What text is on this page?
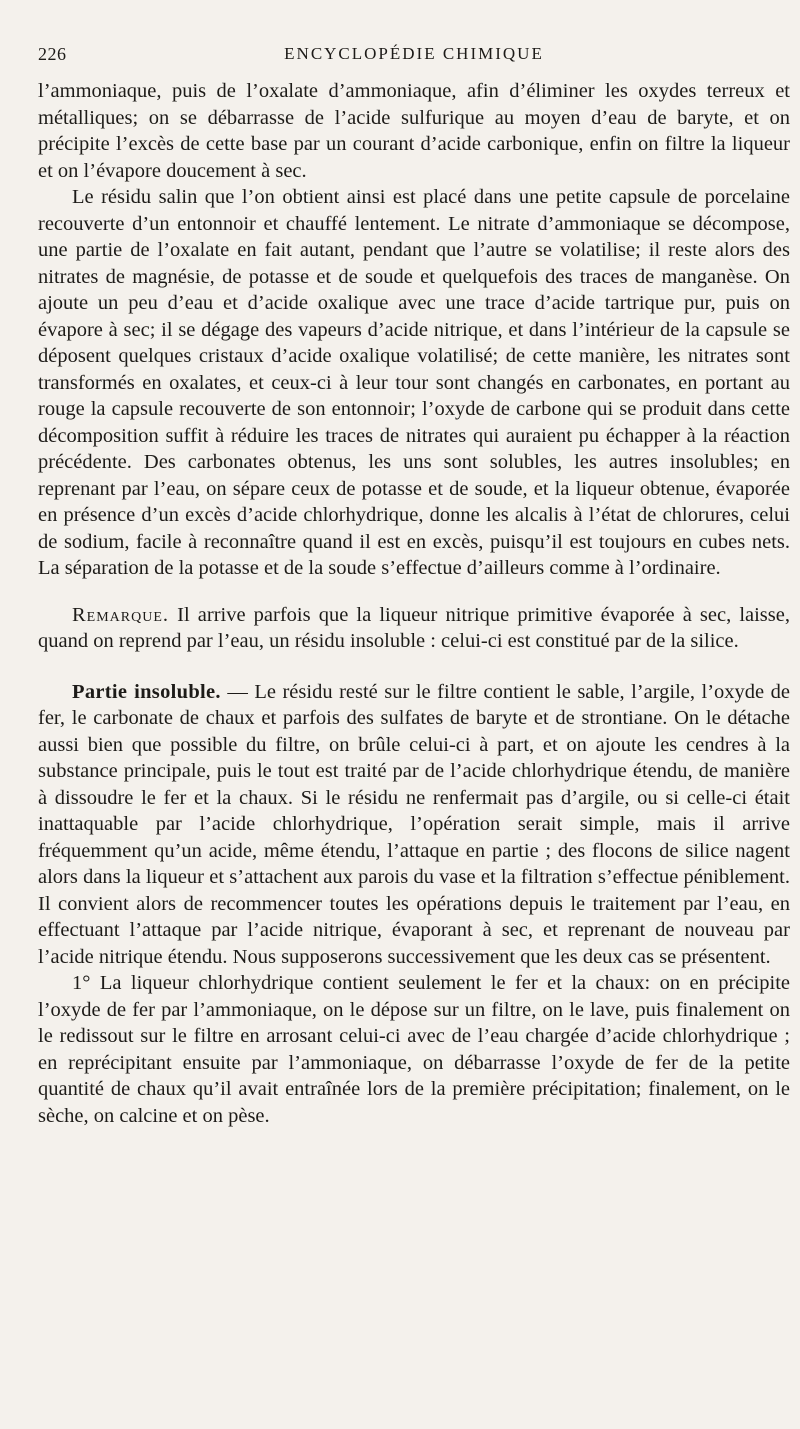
226	ENCYCLOPÉDIE CHIMIQUE

l’ammoniaque, puis de l’oxalate d’ammoniaque, afin d’éliminer les oxydes terreux et métalliques; on se débarrasse de l’acide sulfurique au moyen d’eau de baryte, et on précipite l’excès de cette base par un courant d’acide carbonique, enfin on filtre la liqueur et on l’évapore doucement à sec.

Le résidu salin que l’on obtient ainsi est placé dans une petite capsule de porcelaine recouverte d’un entonnoir et chauffé lentement. Le nitrate d’ammoniaque se décompose, une partie de l’oxalate en fait autant, pendant que l’autre se volatilise; il reste alors des nitrates de magnésie, de potasse et de soude et quelquefois des traces de manganèse. On ajoute un peu d’eau et d’acide oxalique avec une trace d’acide tartrique pur, puis on évapore à sec; il se dégage des vapeurs d’acide nitrique, et dans l’intérieur de la capsule se déposent quelques cristaux d’acide oxalique volatilisé; de cette manière, les nitrates sont transformés en oxalates, et ceux-ci à leur tour sont changés en carbonates, en portant au rouge la capsule recouverte de son entonnoir; l’oxyde de carbone qui se produit dans cette décomposition suffit à réduire les traces de nitrates qui auraient pu échapper à la réaction précédente. Des carbonates obtenus, les uns sont solubles, les autres insolubles; en reprenant par l’eau, on sépare ceux de potasse et de soude, et la liqueur obtenue, évaporée en présence d’un excès d’acide chlorhydrique, donne les alcalis à l’état de chlorures, celui de sodium, facile à reconnaître quand il est en excès, puisqu’il est toujours en cubes nets. La séparation de la potasse et de la soude s’effectue d’ailleurs comme à l’ordinaire.

Remarque. Il arrive parfois que la liqueur nitrique primitive évaporée à sec, laisse, quand on reprend par l’eau, un résidu insoluble : celui-ci est constitué par de la silice.

Partie insoluble. — Le résidu resté sur le filtre contient le sable, l’argile, l’oxyde de fer, le carbonate de chaux et parfois des sulfates de baryte et de strontiane. On le détache aussi bien que possible du filtre, on brûle celui-ci à part, et on ajoute les cendres à la substance principale, puis le tout est traité par de l’acide chlorhydrique étendu, de manière à dissoudre le fer et la chaux. Si le résidu ne renfermait pas d’argile, ou si celle-ci était inattaquable par l’acide chlorhydrique, l’opération serait simple, mais il arrive fréquemment qu’un acide, même étendu, l’attaque en partie ; des flocons de silice nagent alors dans la liqueur et s’attachent aux parois du vase et la filtration s’effectue péniblement. Il convient alors de recommencer toutes les opérations depuis le traitement par l’eau, en effectuant l’attaque par l’acide nitrique, évaporant à sec, et reprenant de nouveau par l’acide nitrique étendu. Nous supposerons successivement que les deux cas se présentent.

1° La liqueur chlorhydrique contient seulement le fer et la chaux: on en précipite l’oxyde de fer par l’ammoniaque, on le dépose sur un filtre, on le lave, puis finalement on le redissout sur le filtre en arrosant celui-ci avec de l’eau chargée d’acide chlorhydrique ; en reprécipitant ensuite par l’ammoniaque, on débarrasse l’oxyde de fer de la petite quantité de chaux qu’il avait entraînée lors de la première précipitation; finalement, on le sèche, on calcine et on pèse.
